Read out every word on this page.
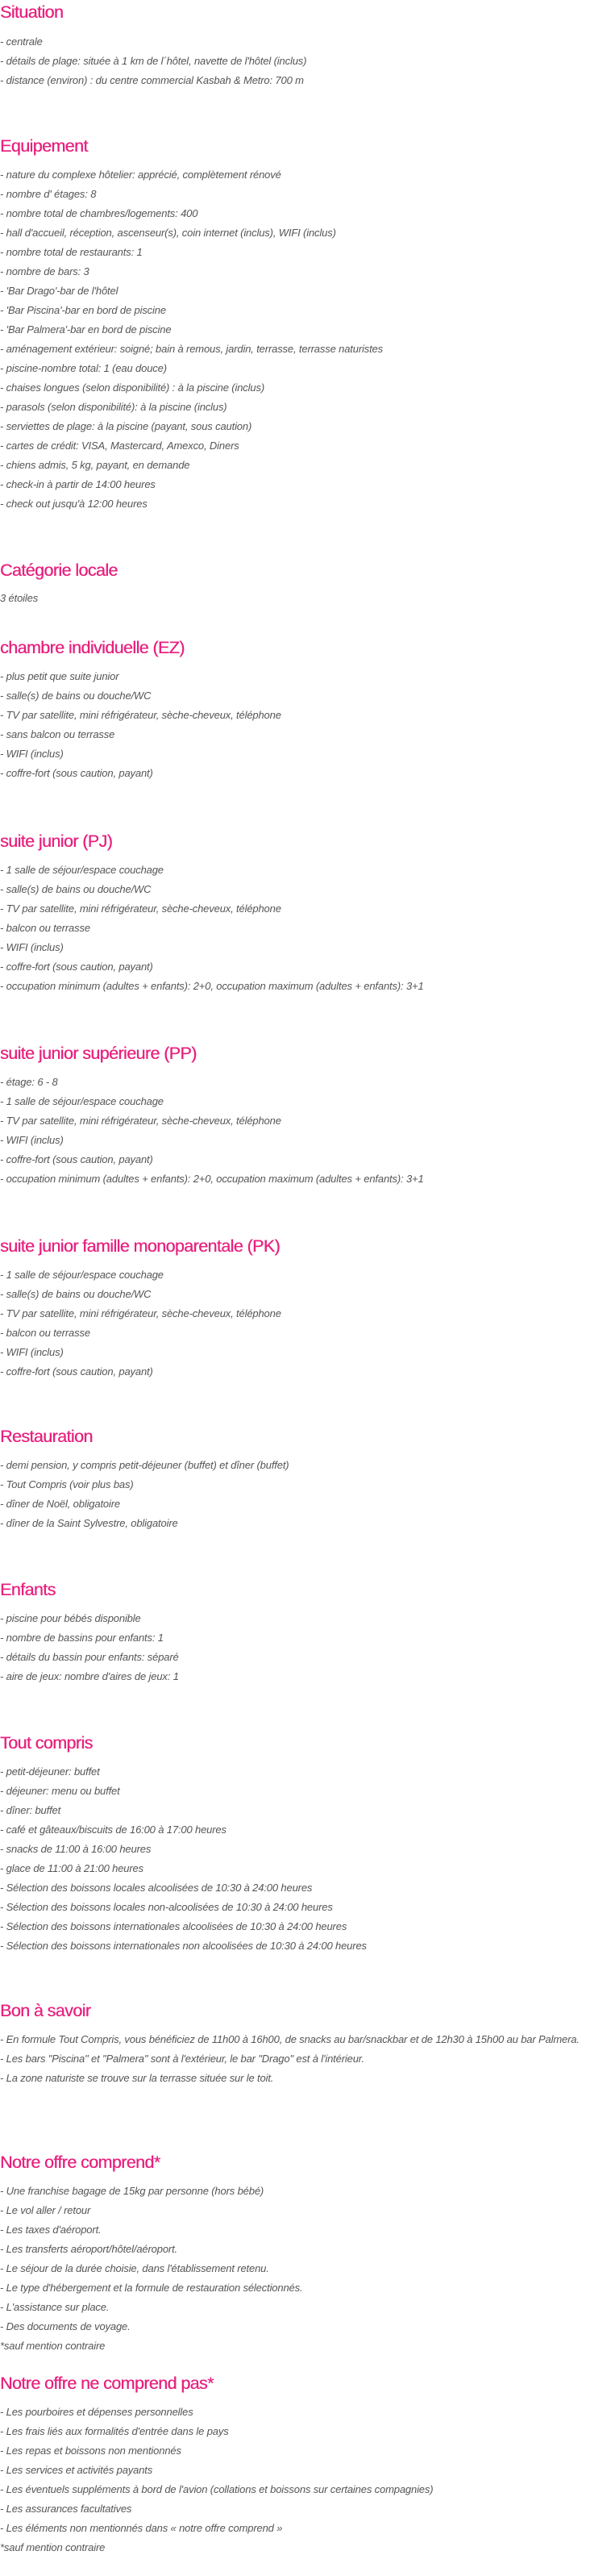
Situation
- centrale
- détails de plage: située à 1 km de l´hôtel, navette de l'hôtel (inclus)
- distance (environ) : du centre commercial Kasbah & Metro: 700 m
Equipement
- nature du complexe hôtelier: apprécié, complètement rénové
- nombre d' étages: 8
- nombre total de chambres/logements: 400
- hall d'accueil, réception, ascenseur(s), coin internet (inclus), WIFI (inclus)
- nombre total de restaurants: 1
- nombre de bars: 3
- 'Bar Drago'-bar de l'hôtel
- 'Bar Piscina'-bar en bord de piscine
- 'Bar Palmera'-bar en bord de piscine
- aménagement extérieur: soigné; bain à remous, jardin, terrasse, terrasse naturistes
- piscine-nombre total: 1 (eau douce)
- chaises longues (selon disponibilité) : à la piscine (inclus)
- parasols (selon disponibilité): à la piscine (inclus)
- serviettes de plage: à la piscine (payant, sous caution)
- cartes de crédit: VISA, Mastercard, Amexco, Diners
- chiens admis, 5 kg, payant, en demande
- check-in à partir de 14:00 heures
- check out jusqu'à 12:00 heures
Catégorie locale

3 étoiles

chambre individuelle (EZ)
- plus petit que suite junior
- salle(s) de bains ou douche/WC
- TV par satellite, mini réfrigérateur, sèche-cheveux, téléphone
- sans balcon ou terrasse
- WIFI (inclus)
- coffre-fort (sous caution, payant)
suite junior (PJ)
- 1 salle de séjour/espace couchage
- salle(s) de bains ou douche/WC
- TV par satellite, mini réfrigérateur, sèche-cheveux, téléphone
- balcon ou terrasse
- WIFI (inclus)
- coffre-fort (sous caution, payant)
- occupation minimum (adultes + enfants): 2+0, occupation maximum (adultes + enfants): 3+1
suite junior supérieure (PP)
- étage: 6 - 8
- 1 salle de séjour/espace couchage
- TV par satellite, mini réfrigérateur, sèche-cheveux, téléphone
- WIFI (inclus)
- coffre-fort (sous caution, payant)
- occupation minimum (adultes + enfants): 2+0, occupation maximum (adultes + enfants): 3+1
suite junior famille monoparentale (PK)
- 1 salle de séjour/espace couchage
- salle(s) de bains ou douche/WC
- TV par satellite, mini réfrigérateur, sèche-cheveux, téléphone
- balcon ou terrasse
- WIFI (inclus)
- coffre-fort (sous caution, payant)
Restauration
- demi pension, y compris petit-déjeuner (buffet) et dîner (buffet)
- Tout Compris (voir plus bas)
- dîner de Noël, obligatoire
- dîner de la Saint Sylvestre, obligatoire
Enfants
- piscine pour bébés disponible
- nombre de bassins pour enfants: 1
- détails du bassin pour enfants: séparé
- aire de jeux: nombre d'aires de jeux: 1
Tout compris
- petit-déjeuner: buffet
- déjeuner: menu ou buffet
- dîner: buffet
- café et gâteaux/biscuits de 16:00 à 17:00 heures
- snacks de 11:00 à 16:00 heures
- glace de 11:00 à 21:00 heures
- Sélection des boissons locales alcoolisées de 10:30 à 24:00 heures
- Sélection des boissons locales non-alcoolisées de 10:30 à 24:00 heures
- Sélection des boissons internationales alcoolisées de 10:30 à 24:00 heures
- Sélection des boissons internationales non alcoolisées de 10:30 à 24:00 heures
Bon à savoir
- En formule Tout Compris, vous bénéficiez de 11h00 à 16h00, de snacks au bar/snackbar et de 12h30 à 15h00 au bar Palmera.
- Les bars "Piscina" et "Palmera" sont à l'extérieur, le bar "Drago" est à l'intérieur.
- La zone naturiste se trouve sur la terrasse située sur le toit.
Notre offre comprend*
- Une franchise bagage de 15kg par personne (hors bébé)
- Le vol aller / retour
- Les taxes d'aéroport.
- Les transferts aéroport/hôtel/aéroport.
- Le séjour de la durée choisie, dans l'établissement retenu.
- Le type d'hébergement et la formule de restauration sélectionnés.
- L'assistance sur place.
- Des documents de voyage.
*sauf mention contraire
Notre offre ne comprend pas*
- Les pourboires et dépenses personnelles
- Les frais liés aux formalités d'entrée dans le pays
- Les repas et boissons non mentionnés
- Les services et activités payants
- Les éventuels suppléments à bord de l'avion (collations et boissons sur certaines compagnies)
- Les assurances facultatives
- Les éléments non mentionnés dans « notre offre comprend »
*sauf mention contraire
